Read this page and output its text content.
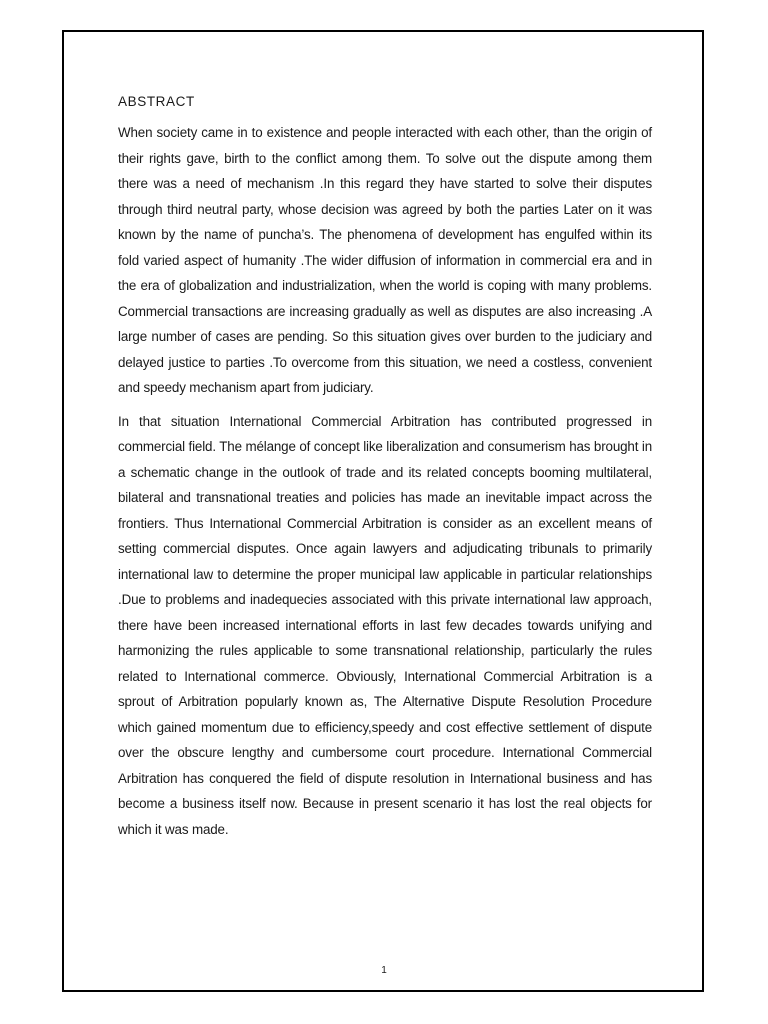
ABSTRACT

When society came in to existence and people interacted with each other, than the origin of their rights gave, birth to the conflict among them. To solve out the dispute among them there was a need of mechanism .In this regard they have started to solve their disputes through third neutral party, whose decision was agreed by both the parties Later on it was known by the name of puncha’s. The phenomena of development has engulfed within its fold varied aspect of humanity .The wider diffusion of information in commercial era and in the era of globalization and industrialization, when the world is coping with many problems. Commercial transactions are increasing gradually as well as disputes are also increasing .A large number of cases are pending. So this situation gives over burden to the judiciary and delayed justice to parties .To overcome from this situation, we need a costless, convenient and speedy mechanism apart from judiciary.

In that situation International Commercial Arbitration has contributed progressed in commercial field. The mélange of concept like liberalization and consumerism has brought in a schematic change in the outlook of trade and its related concepts booming multilateral, bilateral and transnational treaties and policies has made an inevitable impact across the frontiers. Thus International Commercial Arbitration is consider as an excellent means of setting commercial disputes. Once again lawyers and adjudicating tribunals to primarily international law to determine the proper municipal law applicable in particular relationships .Due to problems and inadequecies associated with this private international law approach, there have been increased international efforts in last few decades towards unifying and harmonizing the rules applicable to some transnational relationship, particularly the rules related to International commerce. Obviously, International Commercial Arbitration is a sprout of Arbitration popularly known as, The Alternative Dispute Resolution Procedure which gained momentum due to efficiency,speedy and cost effective settlement of dispute over the obscure lengthy and cumbersome court procedure. International Commercial Arbitration has conquered the field of dispute resolution in International business and has become a business itself now. Because in present scenario it has lost the real objects for which it was made.

1
